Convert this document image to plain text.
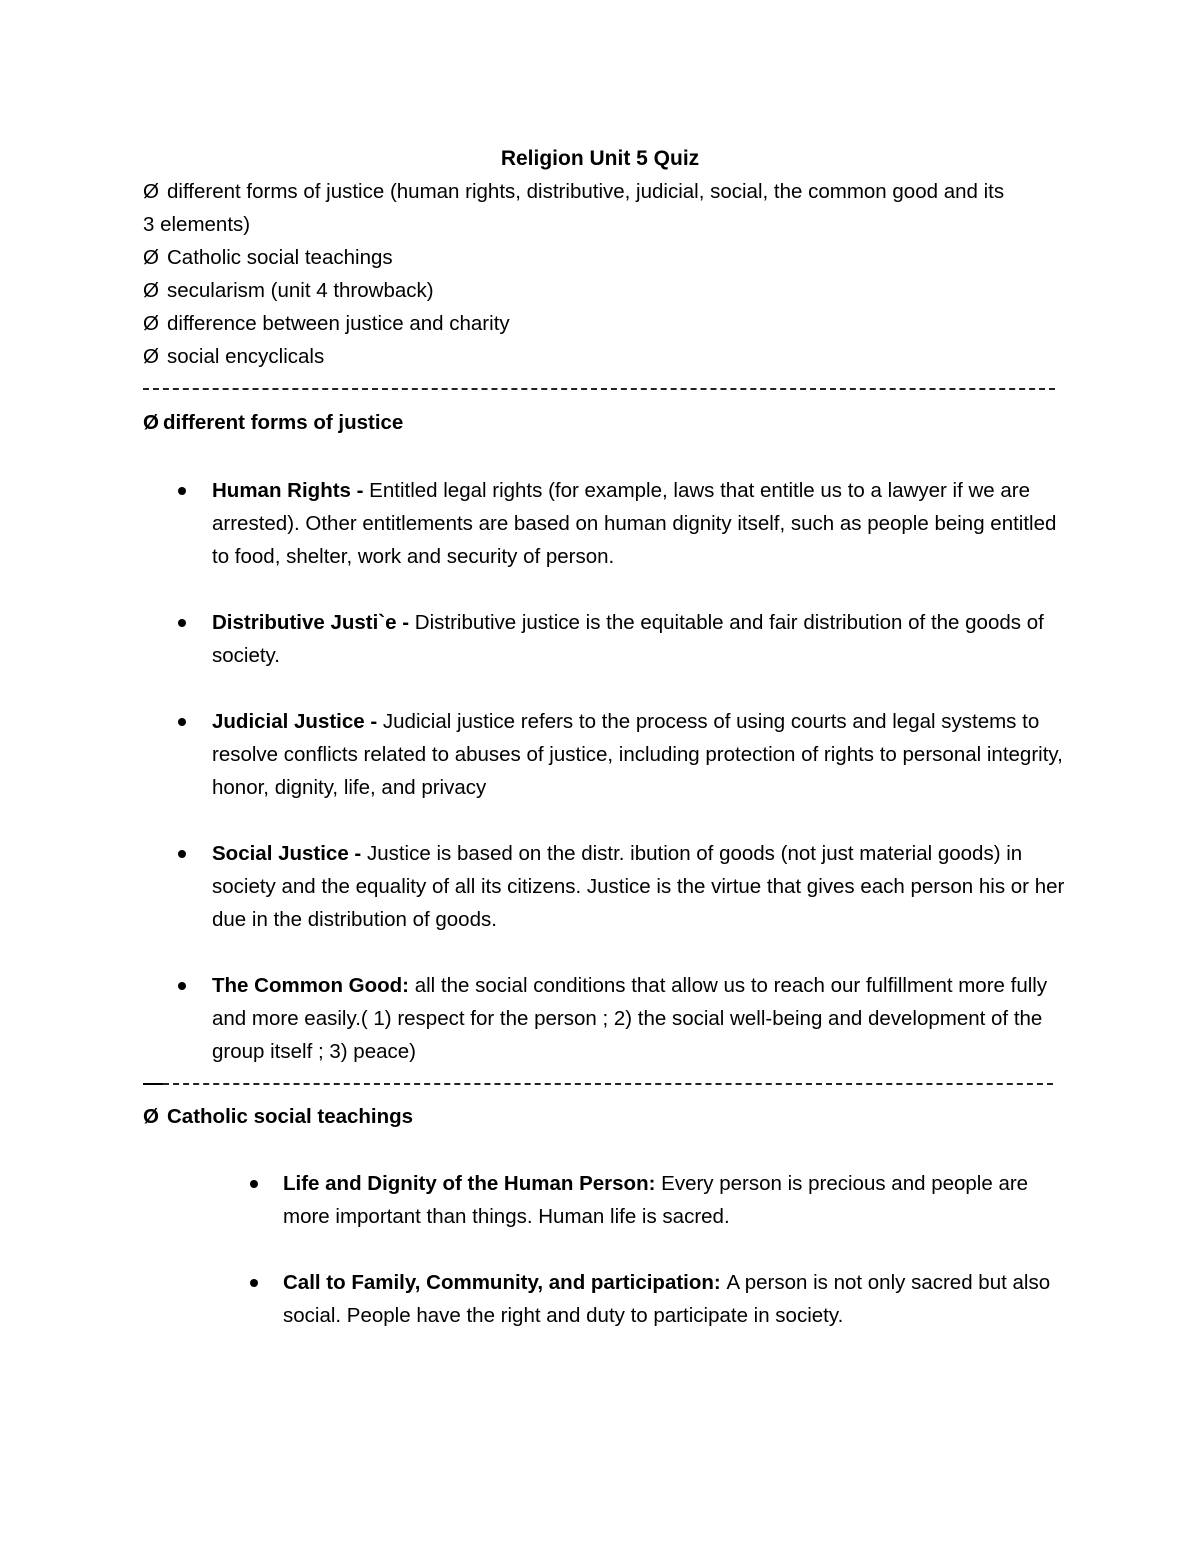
Religion Unit 5 Quiz
Ø different forms of justice (human rights, distributive, judicial, social, the common good and its
3 elements)
Ø Catholic social teachings
Ø secularism (unit 4 throwback)
Ø difference between justice and charity
Ø social encyclicals
Ø different forms of justice
Human Rights - Entitled legal rights (for example, laws that entitle us to a lawyer if we are arrested). Other entitlements are based on human dignity itself, such as people being entitled to food, shelter, work and security of person.
Distributive Justi`e - Distributive justice is the equitable and fair distribution of the goods of society.
Judicial Justice - Judicial justice refers to the process of using courts and legal systems to resolve conflicts related to abuses of justice, including protection of rights to personal integrity, honor, dignity, life, and privacy
Social Justice - Justice is based on the distr. ibution of goods (not just material goods) in society and the equality of all its citizens. Justice is the virtue that gives each person his or her due in the distribution of goods.
The Common Good: all the social conditions that allow us to reach our fulfillment more fully and more easily.( 1) respect for the person ; 2) the social well-being and development of the group itself ; 3) peace)
Ø Catholic social teachings
Life and Dignity of the Human Person: Every person is precious and people are more important than things. Human life is sacred.
Call to Family, Community, and participation: A person is not only sacred but also social. People have the right and duty to participate in society.
